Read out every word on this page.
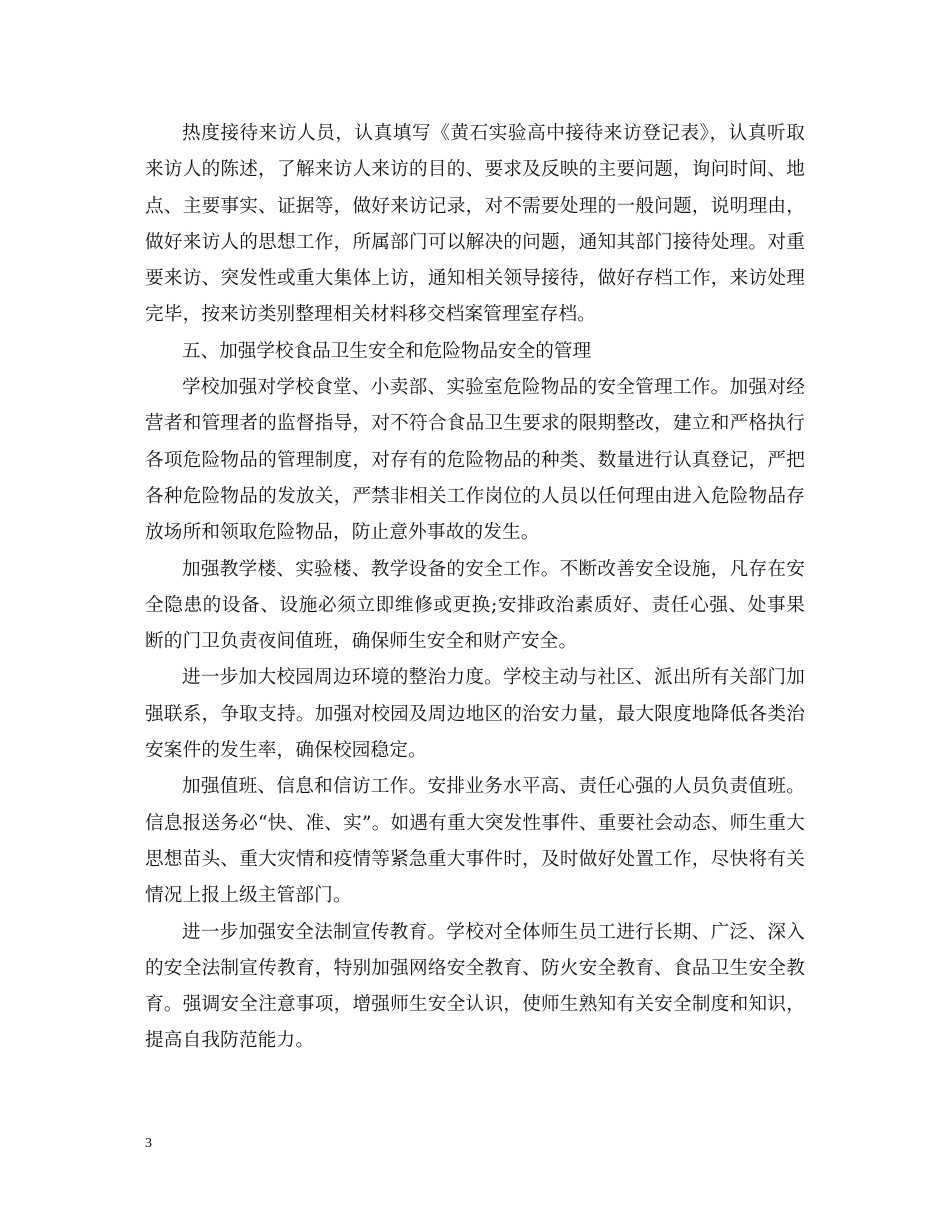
热度接待来访人员，认真填写《黄石实验高中接待来访登记表》，认真听取来访人的陈述，了解来访人来访的目的、要求及反映的主要问题，询问时间、地点、主要事实、证据等，做好来访记录，对不需要处理的一般问题，说明理由，做好来访人的思想工作，所属部门可以解决的问题，通知其部门接待处理。对重要来访、突发性或重大集体上访，通知相关领导接待，做好存档工作，来访处理完毕，按来访类别整理相关材料移交档案管理室存档。

五、加强学校食品卫生安全和危险物品安全的管理

学校加强对学校食堂、小卖部、实验室危险物品的安全管理工作。加强对经营者和管理者的监督指导，对不符合食品卫生要求的限期整改，建立和严格执行各项危险物品的管理制度，对存有的危险物品的种类、数量进行认真登记，严把各种危险物品的发放关，严禁非相关工作岗位的人员以任何理由进入危险物品存放场所和领取危险物品，防止意外事故的发生。

加强教学楼、实验楼、教学设备的安全工作。不断改善安全设施，凡存在安全隐患的设备、设施必须立即维修或更换;安排政治素质好、责任心强、处事果断的门卫负责夜间值班，确保师生安全和财产安全。

进一步加大校园周边环境的整治力度。学校主动与社区、派出所有关部门加强联系，争取支持。加强对校园及周边地区的治安力量，最大限度地降低各类治安案件的发生率，确保校园稳定。

加强值班、信息和信访工作。安排业务水平高、责任心强的人员负责值班。信息报送务必“快、准、实”。如遇有重大突发性事件、重要社会动态、师生重大思想苗头、重大灾情和疫情等紧急重大事件时，及时做好处置工作，尽快将有关情况上报上级主管部门。

进一步加强安全法制宣传教育。学校对全体师生员工进行长期、广泛、深入的安全法制宣传教育，特别加强网络安全教育、防火安全教育、食品卫生安全教育。强调安全注意事项，增强师生安全认识，使师生熟知有关安全制度和知识，提高自我防范能力。

3
